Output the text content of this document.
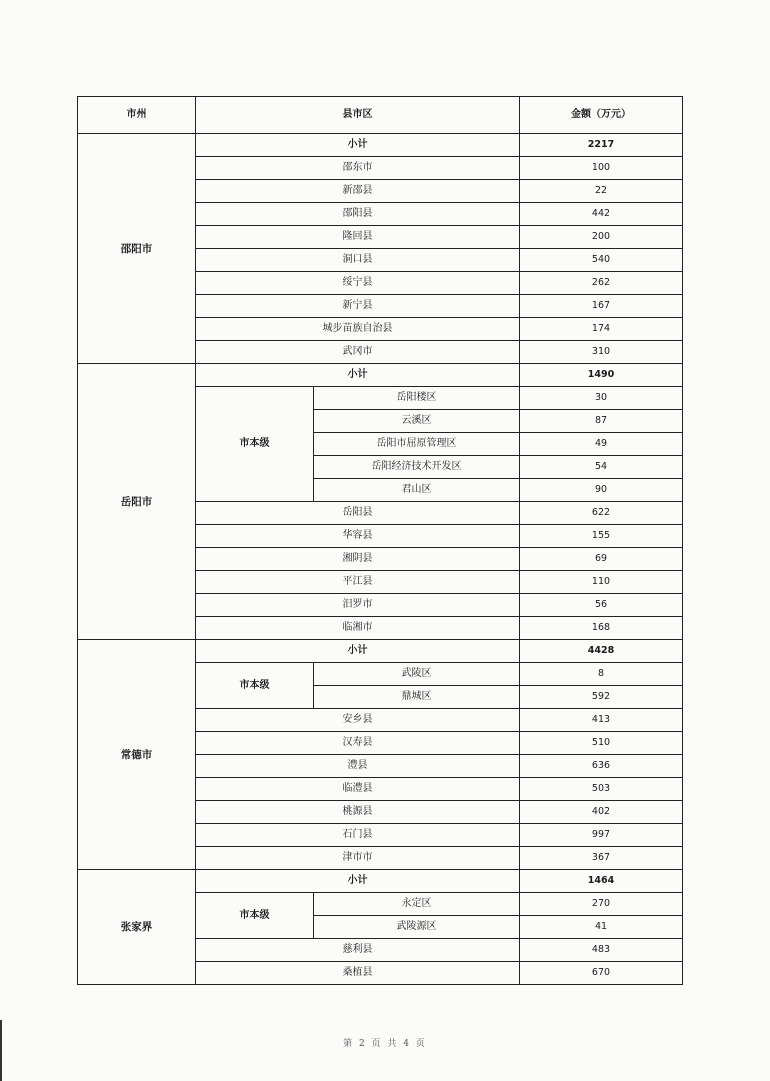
市州	县市区		金额（万元）
邵阳市	小计		2217
	邵东市		100
	新邵县		22
	邵阳县		442
	隆回县		200
	洞口县		540
	绥宁县		262
	新宁县		167
	城步苗族自治县		174
	武冈市		310
岳阳市	小计		1490
	市本级	岳阳楼区	30
		云溪区	87
		岳阳市屈原管理区	49
		岳阳经济技术开发区	54
		君山区	90
	岳阳县		622
	华容县		155
	湘阴县		69
	平江县		110
	汨罗市		56
	临湘市		168
常德市	小计		4428
	市本级	武陵区	8
		鼎城区	592
	安乡县		413
	汉寿县		510
	澧县		636
	临澧县		503
	桃源县		402
	石门县		997
	津市市		367
张家界	小计		1464
	市本级	永定区	270
		武陵源区	41
	慈利县		483
	桑植县		670
第 2 页 共 4 页
